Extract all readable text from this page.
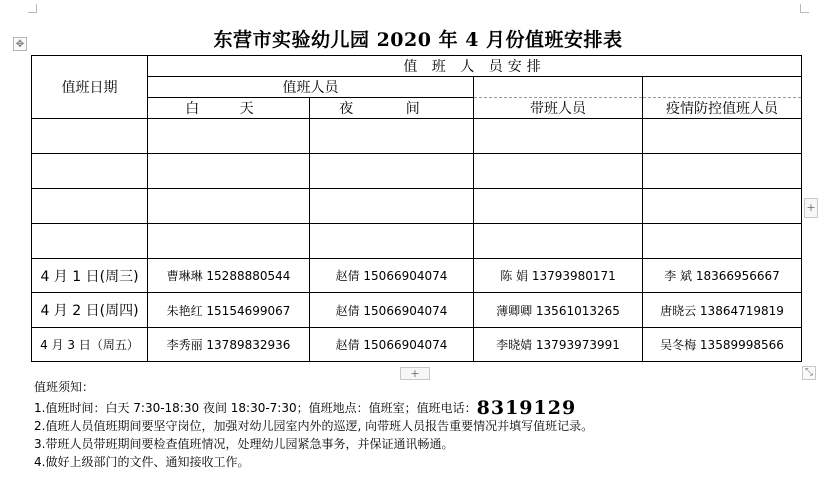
✥	东营市实验幼儿园 2020 年 4 月份值班安排表
值班日期	值 班 人 员安排			
	值班人员			
	白 天	夜 间	带班人员	疫情防控值班人员

4 月 1 日(周三)	曹琳琳 15288880544	赵倩 15066904074	陈 娟 13793980171	李 斌 18366956667
4 月 2 日(周四)	朱艳红 15154699067	赵倩 15066904074	薄卿卿 13561013265	唐晓云 13864719819
4 月 3 日（周五）	李秀丽 13789832936	赵倩 15066904074	李晓婧 13793973991	吴冬梅 13589998566
+
+	⤡
值班须知：
1.值班时间：白天 7:30-18:30 夜间 18:30-7:30；值班地点：值班室；值班电话：8319129
2.值班人员值班期间要坚守岗位，加强对幼儿园室内外的巡逻, 向带班人员报告重要情况并填写值班记录。
3.带班人员带班期间要检查值班情况，处理幼儿园紧急事务，并保证通讯畅通。
4.做好上级部门的文件、通知接收工作。
